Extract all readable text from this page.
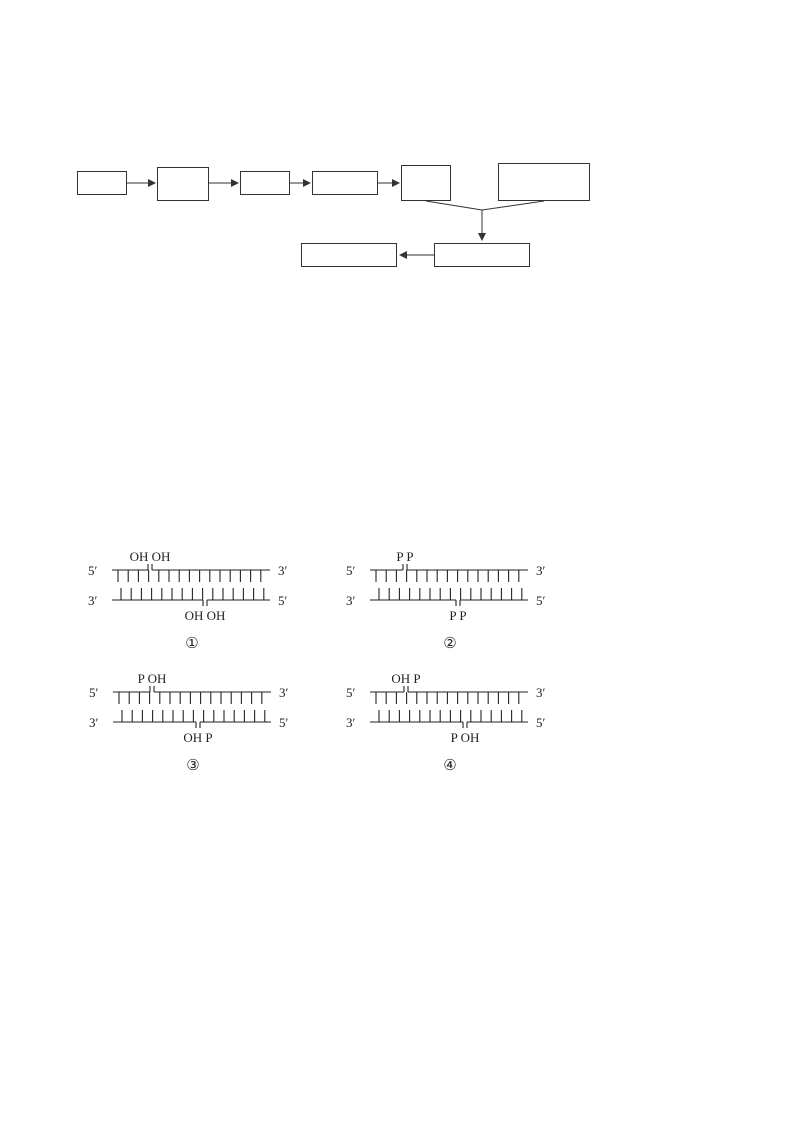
5′	3′
3′	5′
OH OH
OH OH
①
5′	3′
3′	5′
P P
P P
②
5′	3′
3′	5′
P OH
OH P
③
5′	3′
3′	5′
OH P
P OH
④
